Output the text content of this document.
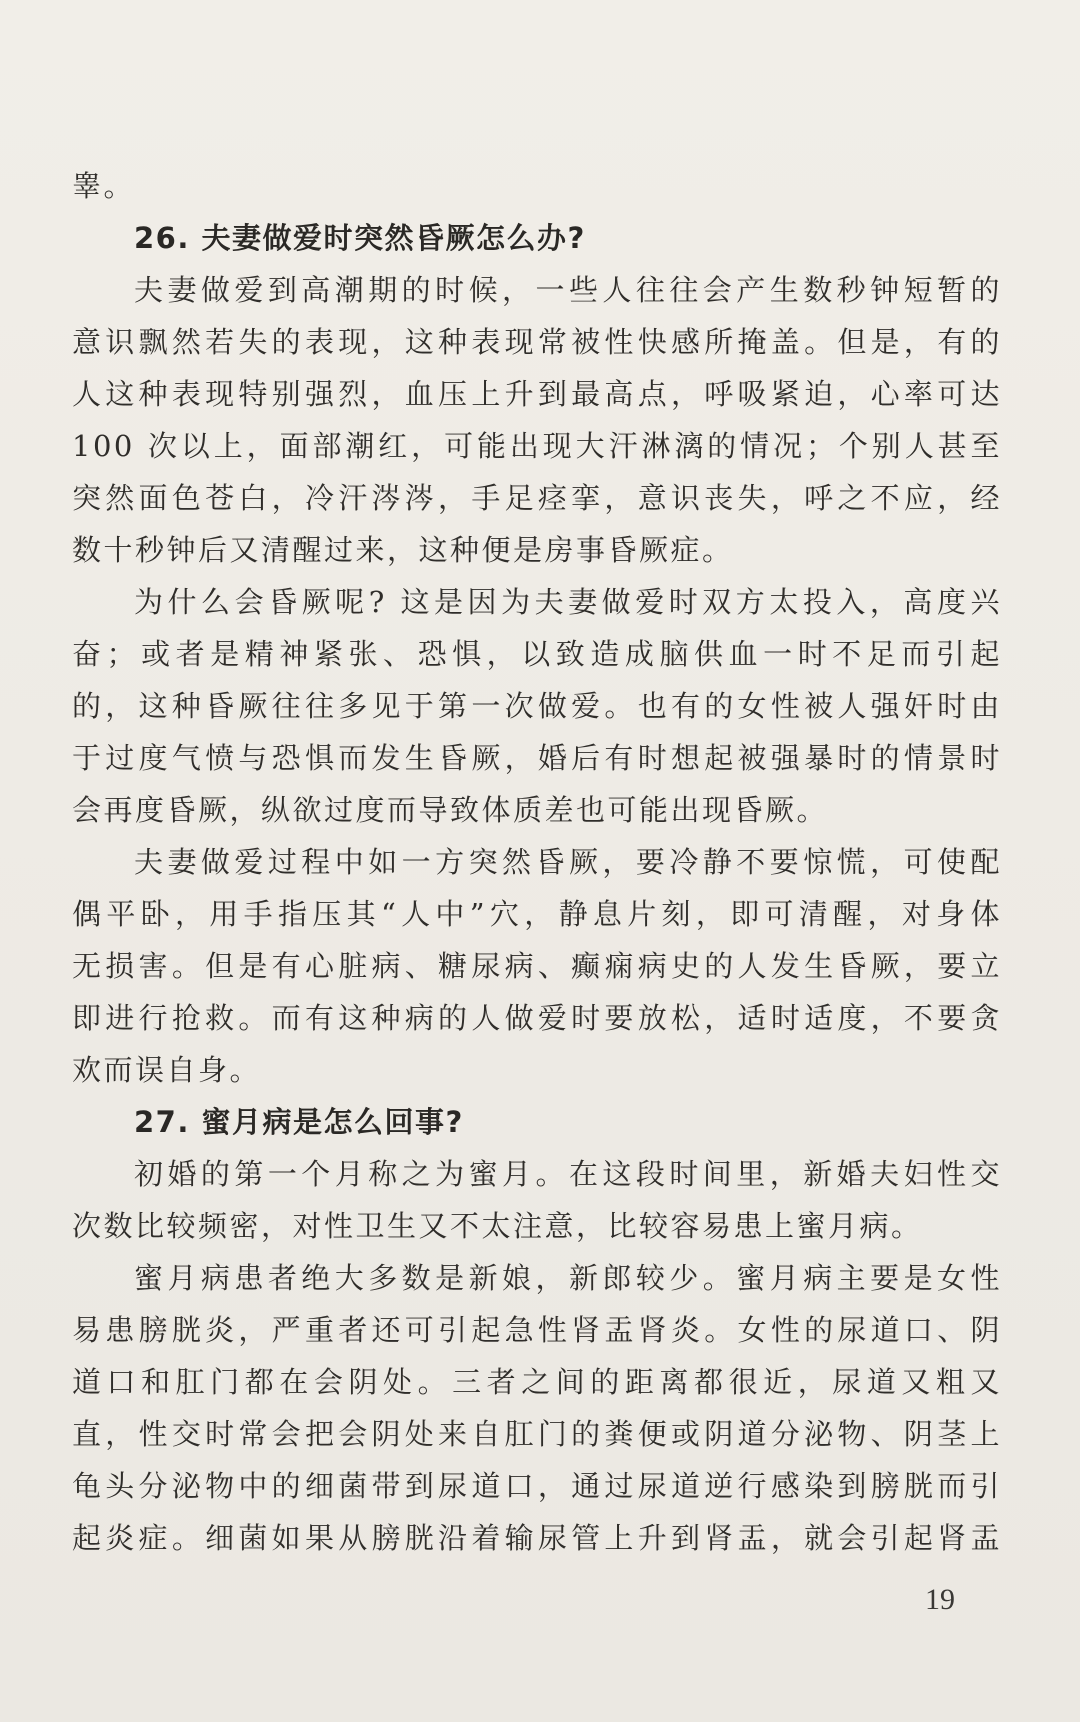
睾。
26. 夫妻做爱时突然昏厥怎么办?
夫妻做爱到高潮期的时候，一些人往往会产生数秒钟短暂的
意识飘然若失的表现，这种表现常被性快感所掩盖。但是，有的
人这种表现特别强烈，血压上升到最高点，呼吸紧迫，心率可达
100 次以上，面部潮红，可能出现大汗淋漓的情况；个别人甚至
突然面色苍白，冷汗涔涔，手足痉挛，意识丧失，呼之不应，经
数十秒钟后又清醒过来，这种便是房事昏厥症。
为什么会昏厥呢? 这是因为夫妻做爱时双方太投入，高度兴
奋；或者是精神紧张、恐惧，以致造成脑供血一时不足而引起
的，这种昏厥往往多见于第一次做爱。也有的女性被人强奸时由
于过度气愤与恐惧而发生昏厥，婚后有时想起被强暴时的情景时
会再度昏厥，纵欲过度而导致体质差也可能出现昏厥。
夫妻做爱过程中如一方突然昏厥，要冷静不要惊慌，可使配
偶平卧，用手指压其“人中”穴，静息片刻，即可清醒，对身体
无损害。但是有心脏病、糖尿病、癫痫病史的人发生昏厥，要立
即进行抢救。而有这种病的人做爱时要放松，适时适度，不要贪
欢而误自身。
27. 蜜月病是怎么回事?
初婚的第一个月称之为蜜月。在这段时间里，新婚夫妇性交
次数比较频密，对性卫生又不太注意，比较容易患上蜜月病。
蜜月病患者绝大多数是新娘，新郎较少。蜜月病主要是女性
易患膀胱炎，严重者还可引起急性肾盂肾炎。女性的尿道口、阴
道口和肛门都在会阴处。三者之间的距离都很近，尿道又粗又
直，性交时常会把会阴处来自肛门的粪便或阴道分泌物、阴茎上
龟头分泌物中的细菌带到尿道口，通过尿道逆行感染到膀胱而引
起炎症。细菌如果从膀胱沿着输尿管上升到肾盂，就会引起肾盂
19
